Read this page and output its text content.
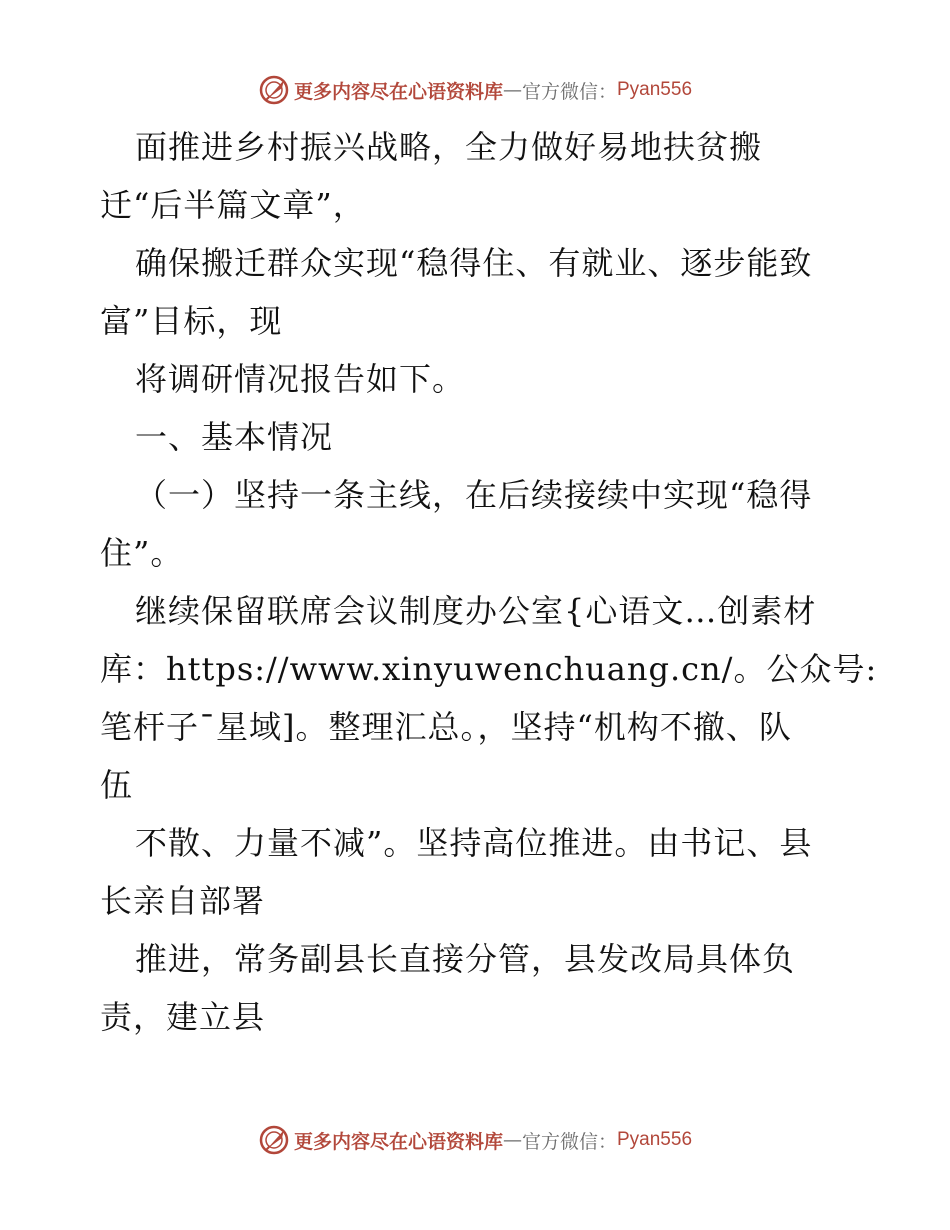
更多内容尽在心语资料库 — 官方微信： Pyan556
面推进乡村振兴战略，全力做好易地扶贫搬
迁“后半篇文章”，
确保搬迁群众实现“稳得住、有就业、逐步能致
富”目标，现
将调研情况报告如下。
一、基本情况
（一）坚持一条主线，在后续接续中实现“稳得
住”。
继续保留联席会议制度办公室{心语文…创素材
库：https://www.xinyuwenchuang.cn/。公众号:
笔杆子¯星域]。整理汇总。，坚持“机构不撤、队
伍
不散、力量不减”。坚持高位推进。由书记、县
长亲自部署
推进，常务副县长直接分管，县发改局具体负
责，建立县
更多内容尽在心语资料库 — 官方微信： Pyan556
